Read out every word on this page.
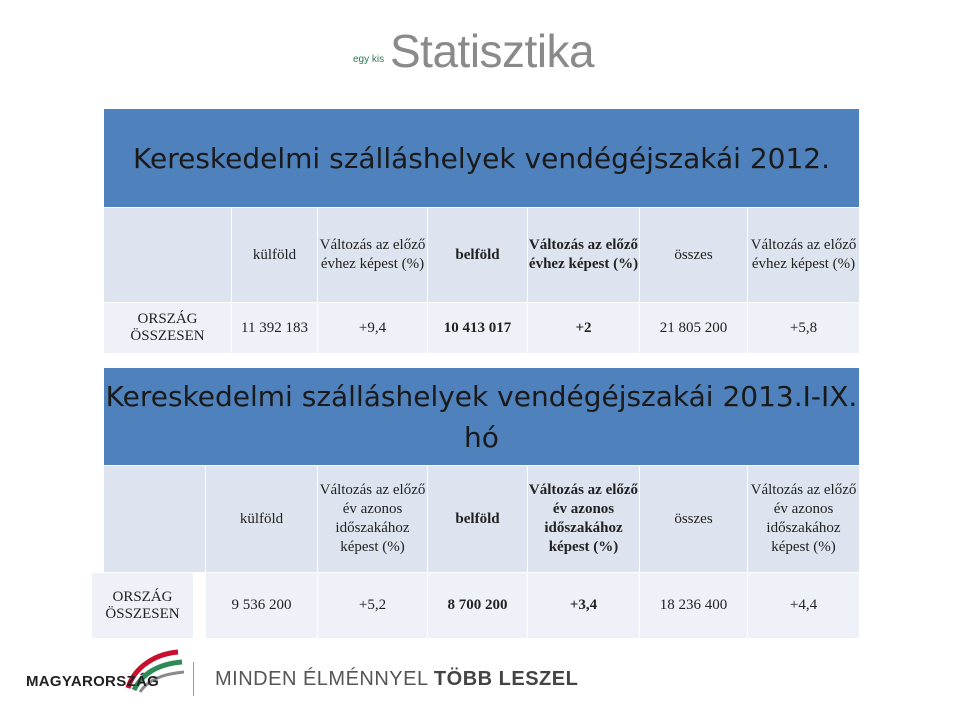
egy kis Statisztika
Kereskedelmi szálláshelyek vendégéjszakái 2012.						
	külföld	Változás az előző évhez képest (%)	belföld	Változás az előző évhez képest (%)	összes	Változás az előző évhez képest (%)
ORSZÁG ÖSSZESEN	11 392 183	+9,4	10 413 017	+2	21 805 200	+5,8
Kereskedelmi szálláshelyek vendégéjszakái 2013.I-IX. hó
	külföld	Változás az előző év azonos időszakához képest (%)	belföld	Változás az előző év azonos időszakához képest (%)	összes	Változás az előző év azonos időszakához képest (%)
ORSZÁG ÖSSZESEN	9 536 200	+5,2	8 700 200	+3,4	18 236 400	+4,4
MAGYARORSZÁG	MINDEN ÉLMÉNNYEL TÖBB LESZEL
